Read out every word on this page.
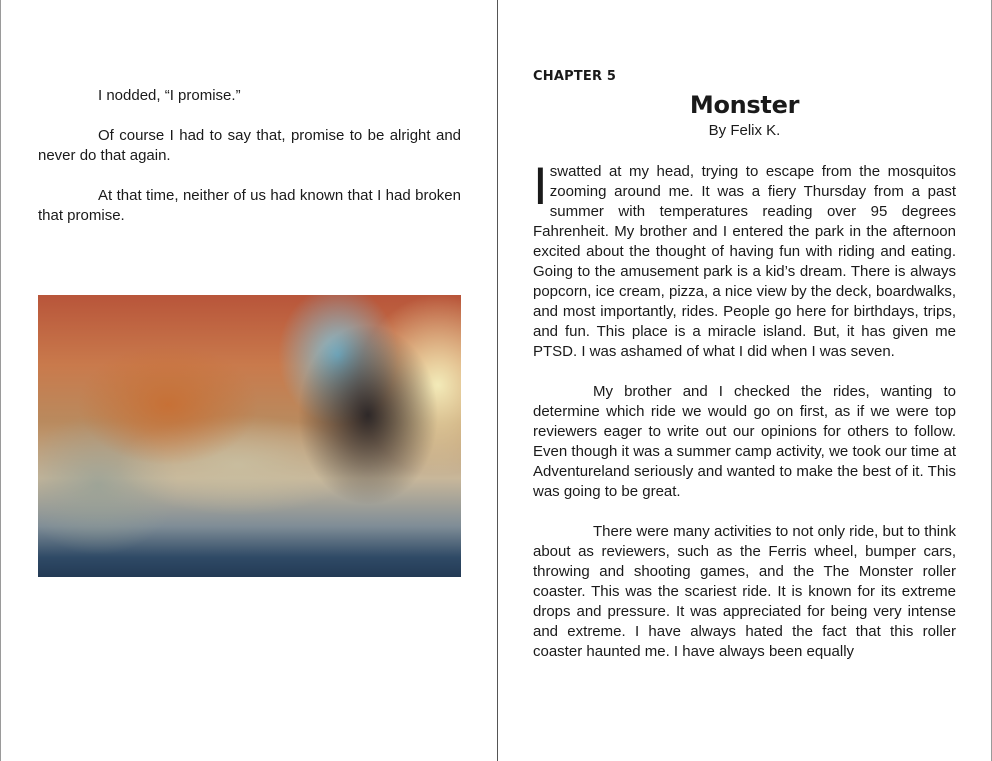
I nodded, “I promise.”

Of course I had to say that, promise to be alright and never do that again.

At that time, neither of us had known that I had broken that promise.

CHAPTER 5
Monster
By Felix K.

Iswatted at my head, trying to escape from the mosquitos zooming around me. It was a fiery Thursday from a past summer with temperatures reading over 95 degrees Fahrenheit. My brother and I entered the park in the afternoon excited about the thought of having fun with riding and eating. Going to the amusement park is a kid’s dream. There is always popcorn, ice cream, pizza, a nice view by the deck, boardwalks, and most importantly, rides. People go here for birthdays, trips, and fun. This place is a miracle island. But, it has given me PTSD. I was ashamed of what I did when I was seven.

My brother and I checked the rides, wanting to determine which ride we would go on first, as if we were top reviewers eager to write out our opinions for others to follow. Even though it was a summer camp activity, we took our time at Adventureland seriously and wanted to make the best of it. This was going to be great.

There were many activities to not only ride, but to think about as reviewers, such as the Ferris wheel, bumper cars, throwing and shooting games, and the The Monster roller coaster. This was the scariest ride. It is known for its extreme drops and pressure. It was appreciated for being very intense and extreme. I have always hated the fact that this roller coaster haunted me. I have always been equally
